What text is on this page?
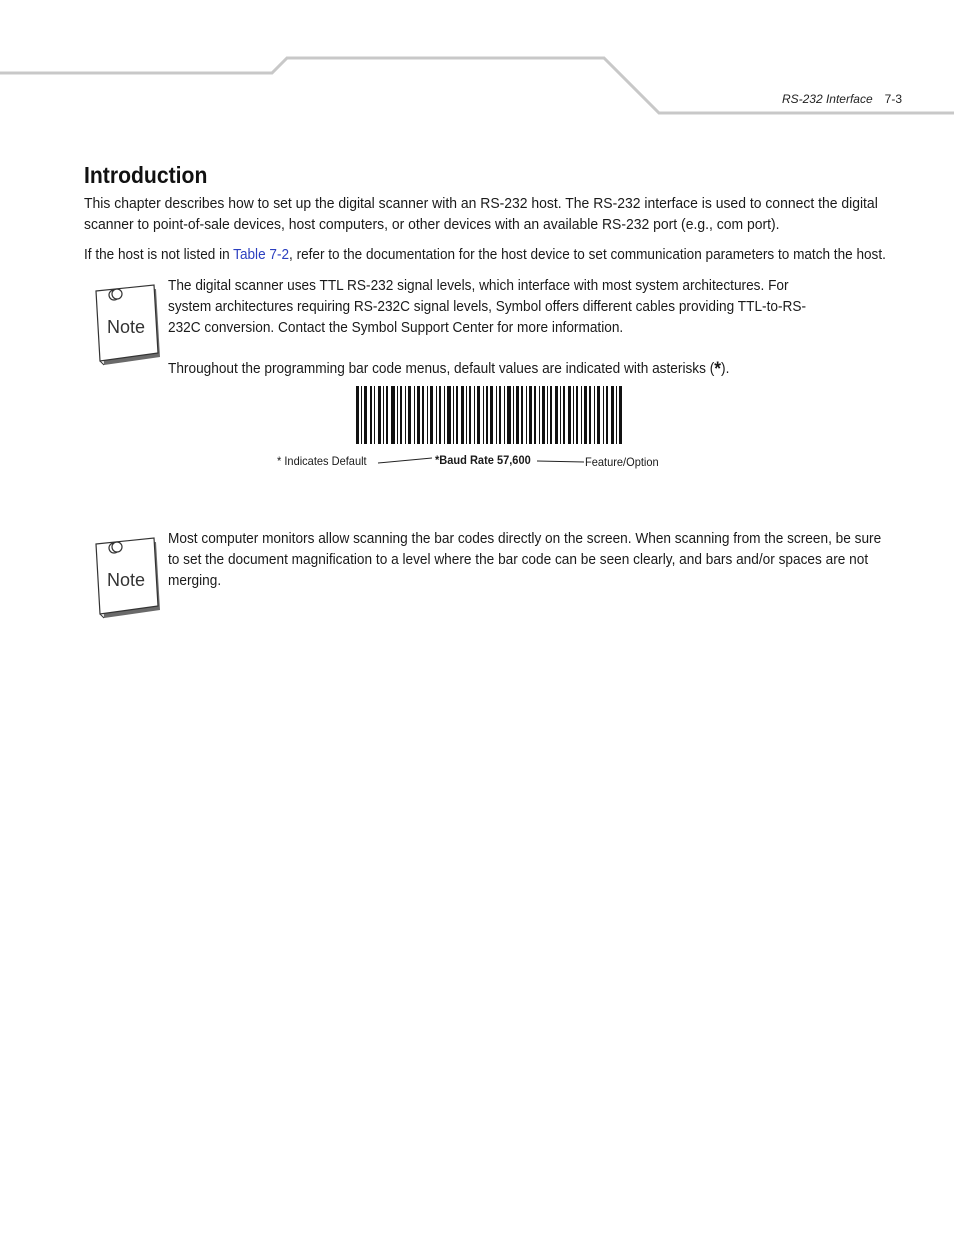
RS-232 Interface 7-3
Introduction

This chapter describes how to set up the digital scanner with an RS-232 host. The RS-232 interface is used to connect the digital scanner to point-of-sale devices, host computers, or other devices with an available RS-232 port (e.g., com port).

If the host is not listed in Table 7-2, refer to the documentation for the host device to set communication parameters to match the host.

Note

The digital scanner uses TTL RS-232 signal levels, which interface with most system architectures. For system architectures requiring RS-232C signal levels, Symbol offers different cables providing TTL-to-RS-232C conversion. Contact the Symbol Support Center for more information.

Throughout the programming bar code menus, default values are indicated with asterisks (*).

* Indicates Default	*Baud Rate 57,600	Feature/Option
Note

Most computer monitors allow scanning the bar codes directly on the screen. When scanning from the screen, be sure to set the document magnification to a level where the bar code can be seen clearly, and bars and/or spaces are not merging.
